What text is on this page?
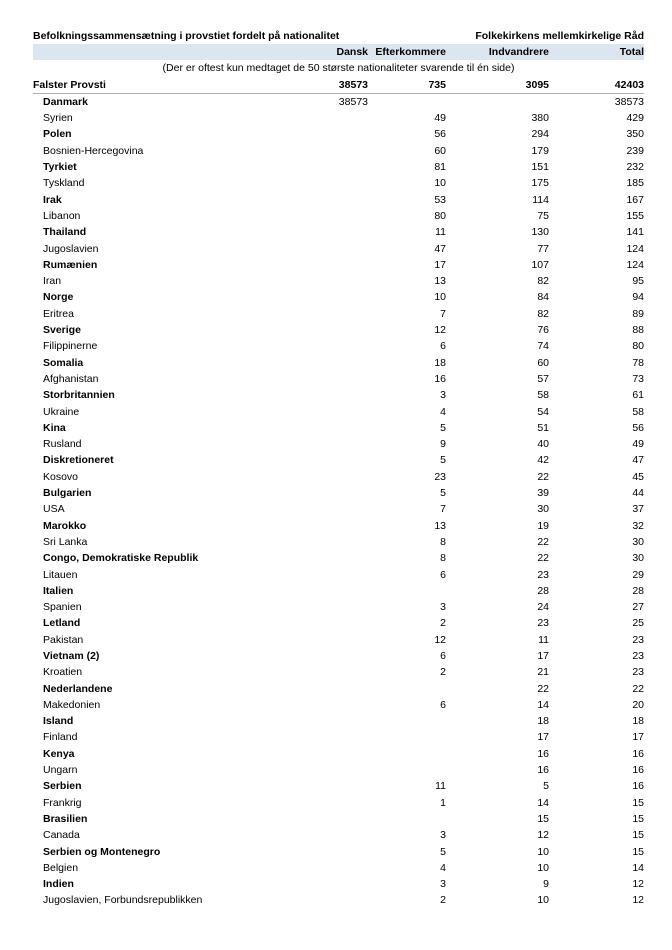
Befolkningssammensætning i provstiet fordelt på nationalitet	Folkekirkens mellemkirkelige Råd
	Dansk	Efterkommere	Indvandrere	Total
(Der er oftest kun medtaget de 50 største nationaliteter svarende til én side)				
Falster Provsti	38573	735	3095	42403
Danmark	38573			38573
Syrien		49	380	429
Polen		56	294	350
Bosnien-Hercegovina		60	179	239
Tyrkiet		81	151	232
Tyskland		10	175	185
Irak		53	114	167
Libanon		80	75	155
Thailand		11	130	141
Jugoslavien		47	77	124
Rumænien		17	107	124
Iran		13	82	95
Norge		10	84	94
Eritrea		7	82	89
Sverige		12	76	88
Filippinerne		6	74	80
Somalia		18	60	78
Afghanistan		16	57	73
Storbritannien		3	58	61
Ukraine		4	54	58
Kina		5	51	56
Rusland		9	40	49
Diskretioneret		5	42	47
Kosovo		23	22	45
Bulgarien		5	39	44
USA		7	30	37
Marokko		13	19	32
Sri Lanka		8	22	30
Congo, Demokratiske Republik		8	22	30
Litauen		6	23	29
Italien			28	28
Spanien		3	24	27
Letland		2	23	25
Pakistan		12	11	23
Vietnam (2)		6	17	23
Kroatien		2	21	23
Nederlandene			22	22
Makedonien		6	14	20
Island			18	18
Finland			17	17
Kenya			16	16
Ungarn			16	16
Serbien		11	5	16
Frankrig		1	14	15
Brasilien			15	15
Canada		3	12	15
Serbien og Montenegro		5	10	15
Belgien		4	10	14
Indien		3	9	12
Jugoslavien, Forbundsrepublikken		2	10	12
